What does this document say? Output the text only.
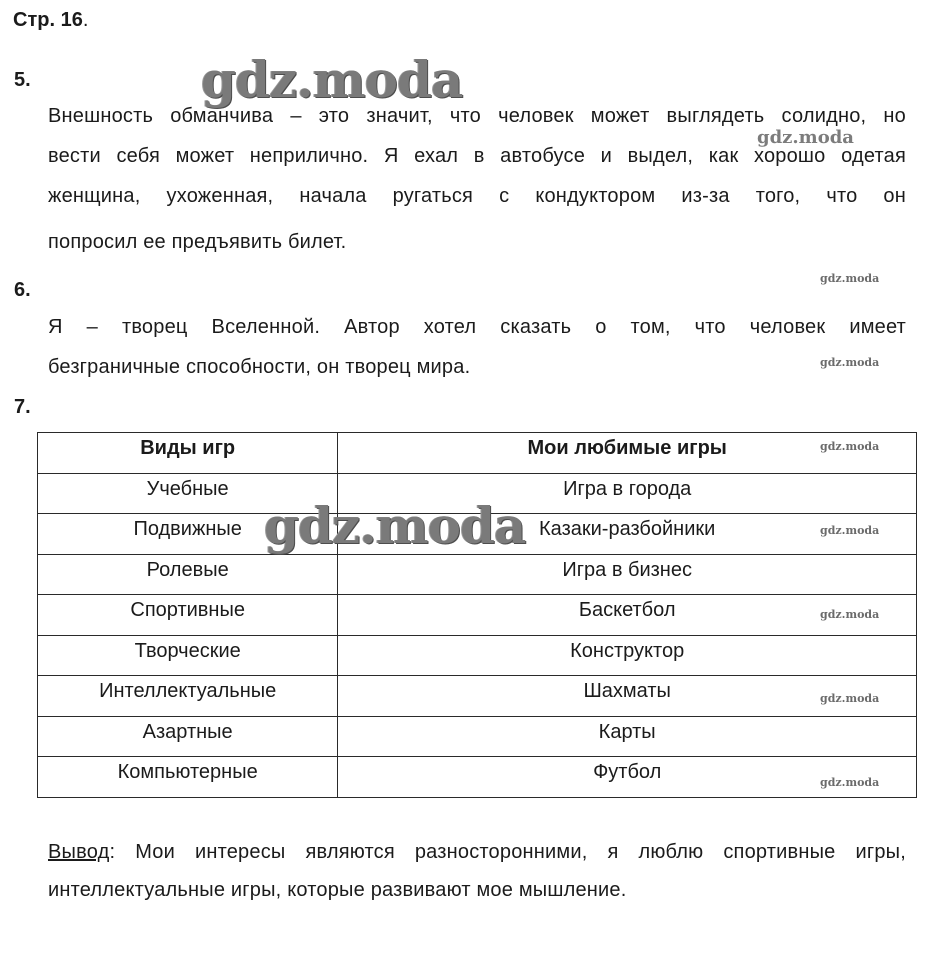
Стр. 16.
gdz.moda
gdz.moda
gdz.moda
gdz.moda
5.
Внешность обманчива – это значит, что человек может выглядеть солидно, но
вести себя может неприлично. Я ехал в автобусе и выдел, как хорошо одетая
женщина, ухоженная, начала ругаться с кондуктором из-за того, что он
попросил ее предъявить билет.
6.
Я – творец Вселенной. Автор хотел сказать о том, что человек имеет
безграничные способности, он творец мира.
7.
Виды игр	Мои любимые игры
Учебные	Игра в города
Подвижные	Казаки-разбойники
Ролевые	Игра в бизнес
Спортивные	Баскетбол
Творческие	Конструктор
Интеллектуальные	Шахматы
Азартные	Карты
Компьютерные	Футбол
gdz.moda
gdz.moda
gdz.moda
gdz.moda
gdz.moda
gdz.moda
Вывод: Мои интересы являются разносторонними, я люблю спортивные игры,
интеллектуальные игры, которые развивают мое мышление.
